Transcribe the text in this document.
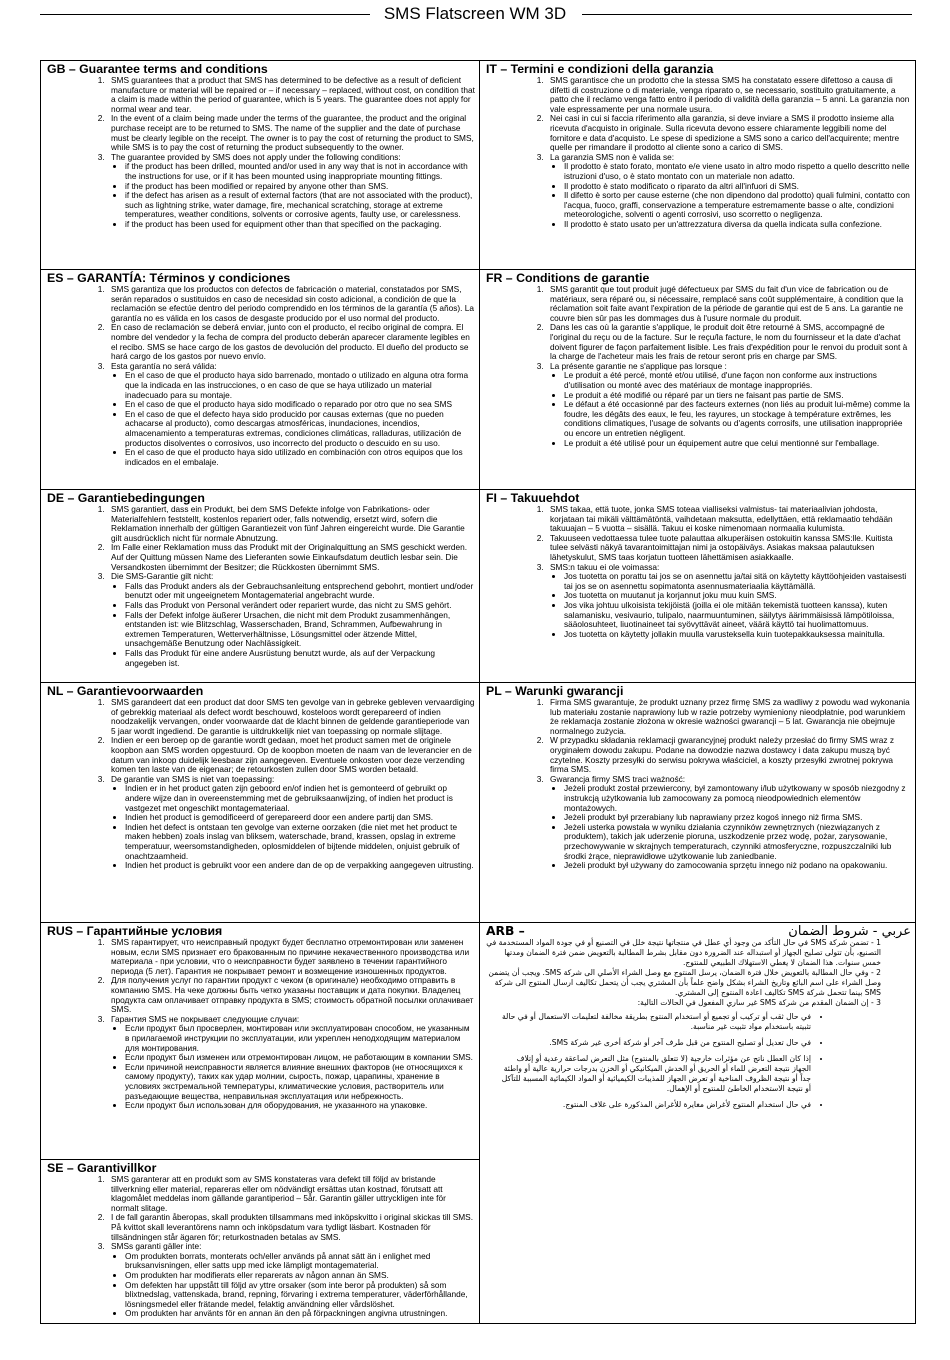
SMS Flatscreen WM 3D
GB – Guarantee terms and conditions
1. SMS guarantees that a product that SMS has determined to be defective as a result of deficient manufacture or material will be repaired or – if necessary – replaced, without cost, on condition that a claim is made within the period of guarantee, which is 5 years. The guarantee does not apply for normal wear and tear.
2. In the event of a claim being made under the terms of the guarantee, the product and the original purchase receipt are to be returned to SMS. The name of the supplier and the date of purchase must be clearly legible on the receipt. The owner is to pay the cost of returning the product to SMS, while SMS is to pay the cost of returning the product subsequently to the owner.
3. The guarantee provided by SMS does not apply under the following conditions:
• if the product has been drilled, mounted and/or used in any way that is not in accordance with the instructions for use, or if it has been mounted using inappropriate mounting fittings.
• if the product has been modified or repaired by anyone other than SMS.
• if the defect has arisen as a result of external factors (that are not associated with the product), such as lightning strike, water damage, fire, mechanical scratching, storage at extreme temperatures, weather conditions, solvents or corrosive agents, faulty use, or carelessness.
• if the product has been used for equipment other than that specified on the packaging.
IT – Termini e condizioni della garanzia
1. SMS garantisce che un prodotto che la stessa SMS ha constatato essere difettoso a causa di difetti di costruzione o di materiale, venga riparato o, se necessario, sostituito gratuitamente, a patto che il reclamo venga fatto entro il periodo di validità della garanzia – 5 anni. La garanzia non vale espressamente per una normale usura.
2. Nei casi in cui si faccia riferimento alla garanzia, si deve inviare a SMS il prodotto insieme alla ricevuta d'acquisto in originale. Sulla ricevuta devono essere chiaramente leggibili nome del fornitore e data d'acquisto. Le spese di spedizione a SMS sono a carico dell'acquirente; mentre quelle per rimandare il prodotto al cliente sono a carico di SMS.
3. La garanzia SMS non è valida se:
• Il prodotto è stato forato, montato e/e viene usato in altro modo rispetto a quello descritto nelle istruzioni d'uso, o è stato montato con un materiale non adatto.
• Il prodotto è stato modificato o riparato da altri all'infuori di SMS.
• Il difetto è sorto per cause esterne (che non dipendono dal prodotto) quali fulmini, contatto con l'acqua, fuoco, graffi, conservazione a temperature estremamente basse o alte, condizioni meteorologiche, solventi o agenti corrosivi, uso scorretto o negligenza.
• Il prodotto è stato usato per un'attrezzatura diversa da quella indicata sulla confezione.
ES – GARANTÍA: Términos y condiciones
1. SMS garantiza que los productos con defectos de fabricación o material, constatados por SMS, serán reparados o sustituidos en caso de necesidad sin costo adicional, a condición de que la reclamación se efectúe dentro del periodo comprendido en los términos de la garantía (5 años). La garantía no es válida en los casos de desgaste producido por el uso normal del producto.
2. En caso de reclamación se deberá enviar, junto con el producto, el recibo original de compra. El nombre del vendedor y la fecha de compra del producto deberán aparecer claramente legibles en el recibo. SMS se hace cargo de los gastos de devolución del producto. El dueño del producto se hará cargo de los gastos por nuevo envío.
3. Esta garantía no será válida:
• En el caso de que el producto haya sido barrenado, montado o utilizado en alguna otra forma que la indicada en las instrucciones, o en caso de que se haya utilizado un material inadecuado para su montaje.
• En el caso de que el producto haya sido modificado o reparado por otro que no sea SMS
• En el caso de que el defecto haya sido producido por causas externas (que no pueden achacarse al producto), como descargas atmosféricas, inundaciones, incendios, almacenamiento a temperaturas extremas, condiciones climáticas, ralladuras, utilización de productos disolventes o corrosivos, uso incorrecto del producto o descuido en su uso.
• En el caso de que el producto haya sido utilizado en combinación con otros equipos que los indicados en el embalaje.
FR – Conditions de garantie
1. SMS garantit que tout produit jugé défectueux par SMS du fait d'un vice de fabrication ou de matériaux, sera réparé ou, si nécessaire, remplacé sans coût supplémentaire, à condition que la réclamation soit faite avant l'expiration de la période de garantie qui est de 5 ans. La garantie ne couvre bien sûr pas les dommages dus à l'usure normale du produit.
2. Dans les cas où la garantie s'applique, le produit doit être retourné à SMS, accompagné de l'original du reçu ou de la facture. Sur le reçu/la facture, le nom du fournisseur et la date d'achat doivent figurer de façon parfaitement lisible. Les frais d'expédition pour le renvoi du produit sont à la charge de l'acheteur mais les frais de retour seront pris en charge par SMS.
3. La présente garantie ne s'applique pas lorsque :
• Le produit a été percé, monté et/ou utilisé, d'une façon non conforme aux instructions d'utilisation ou monté avec des matériaux de montage inappropriés.
• Le produit a été modifié ou réparé par un tiers ne faisant pas partie de SMS.
• Le défaut a été occasionné par des facteurs externes (non liés au produit lui-même) comme la foudre, les dégâts des eaux, le feu, les rayures, un stockage à température extrêmes, les conditions climatiques, l'usage de solvants ou d'agents corrosifs, une utilisation inappropriée ou encore un entretien négligent.
• Le produit a été utilisé pour un équipement autre que celui mentionné sur l'emballage.
DE – Garantiebedingungen
1. SMS garantiert, dass ein Produkt, bei dem SMS Defekte infolge von Fabrikations- oder Materialfehlern feststellt, kostenlos repariert oder, falls notwendig, ersetzt wird, sofern die Reklamation innerhalb der gültigen Garantiezeit von fünf Jahren eingereicht wurde. Die Garantie gilt ausdrücklich nicht für normale Abnutzung.
2. Im Falle einer Reklamation muss das Produkt mit der Originalquittung an SMS geschickt werden. Auf der Quittung müssen Name des Lieferanten sowie Einkaufsdatum deutlich lesbar sein. Die Versandkosten übernimmt der Besitzer; die Rückkosten übernimmt SMS.
3. Die SMS-Garantie gilt nicht:
• Falls das Produkt anders als der Gebrauchsanleitung entsprechend gebohrt, montiert und/oder benutzt oder mit ungeeignetem Montagematerial angebracht wurde.
• Falls das Produkt von Personal verändert oder repariert wurde, das nicht zu SMS gehört.
• Falls der Defekt infolge äußerer Ursachen, die nicht mit dem Produkt zusammenhängen, entstanden ist: wie Blitzschlag, Wasserschaden, Brand, Schrammen, Aufbewahrung in extremen Temperaturen, Wetterverhältnisse, Lösungsmittel oder ätzende Mittel, unsachgemäße Benutzung oder Nachlässigkeit.
• Falls das Produkt für eine andere Ausrüstung benutzt wurde, als auf der Verpackung angegeben ist.
FI – Takuuehdot
1. SMS takaa, että tuote, jonka SMS toteaa vialliseksi valmistus- tai materiaalivian johdosta, korjataan tai mikäli välttämätöntä, vaihdetaan maksutta, edellyttäen, että reklamaatio tehdään takuuajan – 5 vuotta – sisällä. Takuu ei koske nimenomaan normaalia kulumista.
2. Takuuseen vedottaessa tulee tuote palauttaa alkuperäisen ostokuitin kanssa SMS:lle. Kuitista tulee selvästi näkyä tavarantoimittajan nimi ja ostopäiväys. Asiakas maksaa palautuksen lähetyskulut, SMS taas korjatun tuotteen lähettämisen asiakkaalle.
3. SMS:n takuu ei ole voimassa:
• Jos tuotetta on porattu tai jos se on asennettu ja/tai sitä on käytetty käyttöohjeiden vastaisesti tai jos se on asennettu sopimatonta asennusmateriaalia käyttämällä.
• Jos tuotetta on muutanut ja korjannut joku muu kuin SMS.
• Jos vika johtuu ulkoisista tekijöistä (joilla ei ole mitään tekemistä tuotteen kanssa), kuten salamanisku, vesivaurio, tulipalo, naarmuuntuminen, säilytys äärimmäisissä lämpötiloissa, sääolosuhteet, liuotinaineet tai syövyttävät aineet, väärä käyttö tai huolimattomuus.
• Jos tuotetta on käytetty jollakin muulla varusteksella kuin tuotepakkauksessa mainitulla.
NL – Garantievoorwaarden
1. SMS garandeert dat een product dat door SMS ten gevolge van in gebreke gebleven vervaardiging of gebrekkig materiaal als defect wordt beschouwd, kosteloos wordt gerepareerd of indien noodzakelijk vervangen, onder voorwaarde dat de klacht binnen de geldende garantieperiode van 5 jaar wordt ingediend. De garantie is uitdrukkelijk niet van toepassing op normale slijtage.
2. Indien er een beroep op de garantie wordt gedaan, moet het product samen met de originele koopbon aan SMS worden opgestuurd. Op de koopbon moeten de naam van de leverancier en de datum van inkoop duidelijk leesbaar zijn aangegeven. Eventuele onkosten voor deze verzending komen ten laste van de eigenaar; de retourkosten zullen door SMS worden betaald.
3. De garantie van SMS is niet van toepassing:
• Indien er in het product gaten zijn geboord en/of indien het is gemonteerd of gebruikt op andere wijze dan in overeenstemming met de gebruiksaanwijzing, of indien het product is vastgezet met ongeschikt montagemateriaal.
• Indien het product is gemodificeerd of gerepareerd door een andere partij dan SMS.
• Indien het defect is ontstaan ten gevolge van externe oorzaken (die niet met het product te maken hebben) zoals inslag van bliksem, waterschade, brand, krassen, opslag in extreme temperatuur, weersomstandigheden, oplosmiddelen of bijtende middelen, onjuist gebruik of onachtzaamheid.
• Indien het product is gebruikt voor een andere dan de op de verpakking aangegeven uitrusting.
PL – Warunki gwarancji
1. Firma SMS gwarantuje, że produkt uznany przez firmę SMS za wadliwy z powodu wad wykonania lub materiału zostanie naprawiony lub w razie potrzeby wymieniony nieodpłatnie, pod warunkiem że reklamacja zostanie złożona w okresie ważności gwarancji – 5 lat. Gwarancja nie obejmuje normalnego zużycia.
2. W przypadku składania reklamacji gwarancyjnej produkt należy przesłać do firmy SMS wraz z oryginałem dowodu zakupu. Podane na dowodzie nazwa dostawcy i data zakupu muszą być czytelne. Koszty przesyłki do serwisu pokrywa właściciel, a koszty przesyłki zwrotnej pokrywa firma SMS.
3. Gwarancja firmy SMS traci ważność:
• Jeżeli produkt został przewiercony, był zamontowany i/lub użytkowany w sposób niezgodny z instrukcją użytkowania lub zamocowany za pomocą nieodpowiednich elementów montażowych.
• Jeżeli produkt był przerabiany lub naprawiany przez kogoś innego niż firma SMS.
• Jeżeli usterka powstała w wyniku działania czynników zewnętrznych (niezwiązanych z produktem), takich jak uderzenie pioruna, uszkodzenie przez wodę, pożar, zarysowanie, przechowywanie w skrajnych temperaturach, czynniki atmosferyczne, rozpuszczalniki lub środki żrące, nieprawidłowe użytkowanie lub zaniedbanie.
• Jeżeli produkt był używany do zamocowania sprzętu innego niż podano na opakowaniu.
RUS – Гарантийные условия
1. SMS гарантирует, что неисправный продукт будет бесплатно отремонтирован или заменен новым, если SMS признает его бракованным по причине некачественного производства или материала - при условии, что о неисправности будет заявлено в течении гарантийного периода (5 лет). Гарантия не покрывает ремонт и возмещение изношенных продуктов.
2. Для получения услуг по гарантии продукт с чеком (в оригинале) необходимо отправить в компанию SMS. На чеке должны быть четко указаны поставщик и дата покупки. Владелец продукта сам оплачивает отправку продукта в SMS; стоимость обратной посылки оплачивает SMS.
3. Гарантия SMS не покрывает следующие случаи:
• Если продукт был просверлен, монтирован или эксплуатирован способом, не указанным в прилагаемой инструкции по эксплуатации, или укреплен неподходящим материалом для монтирования.
• Если продукт был изменен или отремонтирован лицом, не работающим в компании SMS.
• Если причиной неисправности является влияние внешних факторов (не относящихся к самому продукту), таких как удар молнии, сырость, пожар, царапины, хранение в условиях экстремальной температуры, климатические условия, растворитель или разъедающие вещества, неправильная эксплуатация или небрежность.
• Если продукт был использован для оборудования, не указанного на упаковке.
ARB –	عربي - شروط الضمان

1 - تضمن شركة SMS في حال التأكد من وجود أي عطل في منتجاتها نتيجة خلل في التصنيع أو في جودة المواد المستخدمة في التصنيع، بأن تتولى تصليح الجهاز أو استبداله عند الضرورة دون مقابل بشرط المطالبة بالتعويض ضمن فترة الضمان ومدتها خمس سنوات. هذا الضمان لا يغطي الاستهلاك الطبيعي للمنتوج.

2 - وفي حال المطالبة بالتعويض خلال فترة الضمان، يرسل المنتوج مع وصل الشراء الأصلي الى شركة SMS. ويجب أن يتضمن وصل الشراء على اسم البائع وتاريخ الشراء بشكل واضح علماً بأن المشتري يجب أن يتحمل تكاليف ارسال المنتوج الى شركة SMS بينما تتحمل شركة SMS تكاليف اعادة المنتوج إلى المشتري.

3 - إن الضمان المقدم من شركة SMS غير ساري المفعول في الحالات التالية:

• في حال ثقب أو تركيب أو تجميع أو استخدام المنتوج بطريقة مخالفة لتعليمات الاستعمال أو في حالة تثبيته باستخدام مواد تثبيت غير مناسبة.
• في حال تعديل أو تصليح المنتوج من قبل طرف آخر أو شركة أخرى غير شركة SMS.
• إذا كان العطل ناتج عن مؤثرات خارجية (لا تتعلق بالمنتوج) مثل التعرض لصاعقة رعدية أو إتلاف الجهاز نتيجة التعرض للماء أو الحريق أو الخدش الميكانيكي أو الخزن بدرجات حرارية عالية أو واطئة جداً أو نتيجة الظروف المناخية أو تعرض الجهاز للمذيبات الكيميائية أو المواد الكيمائية المسببة للتآكل أو نتيجة الاستخدام الخاطئ للمنتوج أو الإهمال.
• في حال استخدام المنتوج لأغراض مغايرة للأغراض المذكورة على غلاف المنتوج.
SE – Garantivillkor
1. SMS garanterar att en produkt som av SMS konstateras vara defekt till följd av bristande tillverkning eller material, repareras eller om nödvändigt ersättas utan kostnad, förutsatt att klagomålet meddelas inom gällande garantiperiod – 5år. Garantin gäller uttryckligen inte för normalt slitage.
2. I de fall garantin åberopas, skall produkten tillsammans med inköpskvitto i original skickas till SMS. På kvittot skall leverantörens namn och inköpsdatum vara tydligt läsbart. Kostnaden för tillsändningen står ägaren för; returkostnaden betalas av SMS.
3. SMSs garanti gäller inte:
• Om produkten borrats, monterats och/eller används på annat sätt än i enlighet med bruksanvisningen, eller satts upp med icke lämpligt montagematerial.
• Om produkten har modifierats eller reparerats av någon annan än SMS.
• Om defekten har uppstått till följd av yttre orsaker (som inte beror på produkten) så som blixtnedslag, vattenskada, brand, repning, förvaring i extrema temperaturer, väderförhållande, lösningsmedel eller frätande medel, felaktig användning eller vårdslöshet.
• Om produkten har använts för en annan än den på förpackningen angivna utrustningen.
